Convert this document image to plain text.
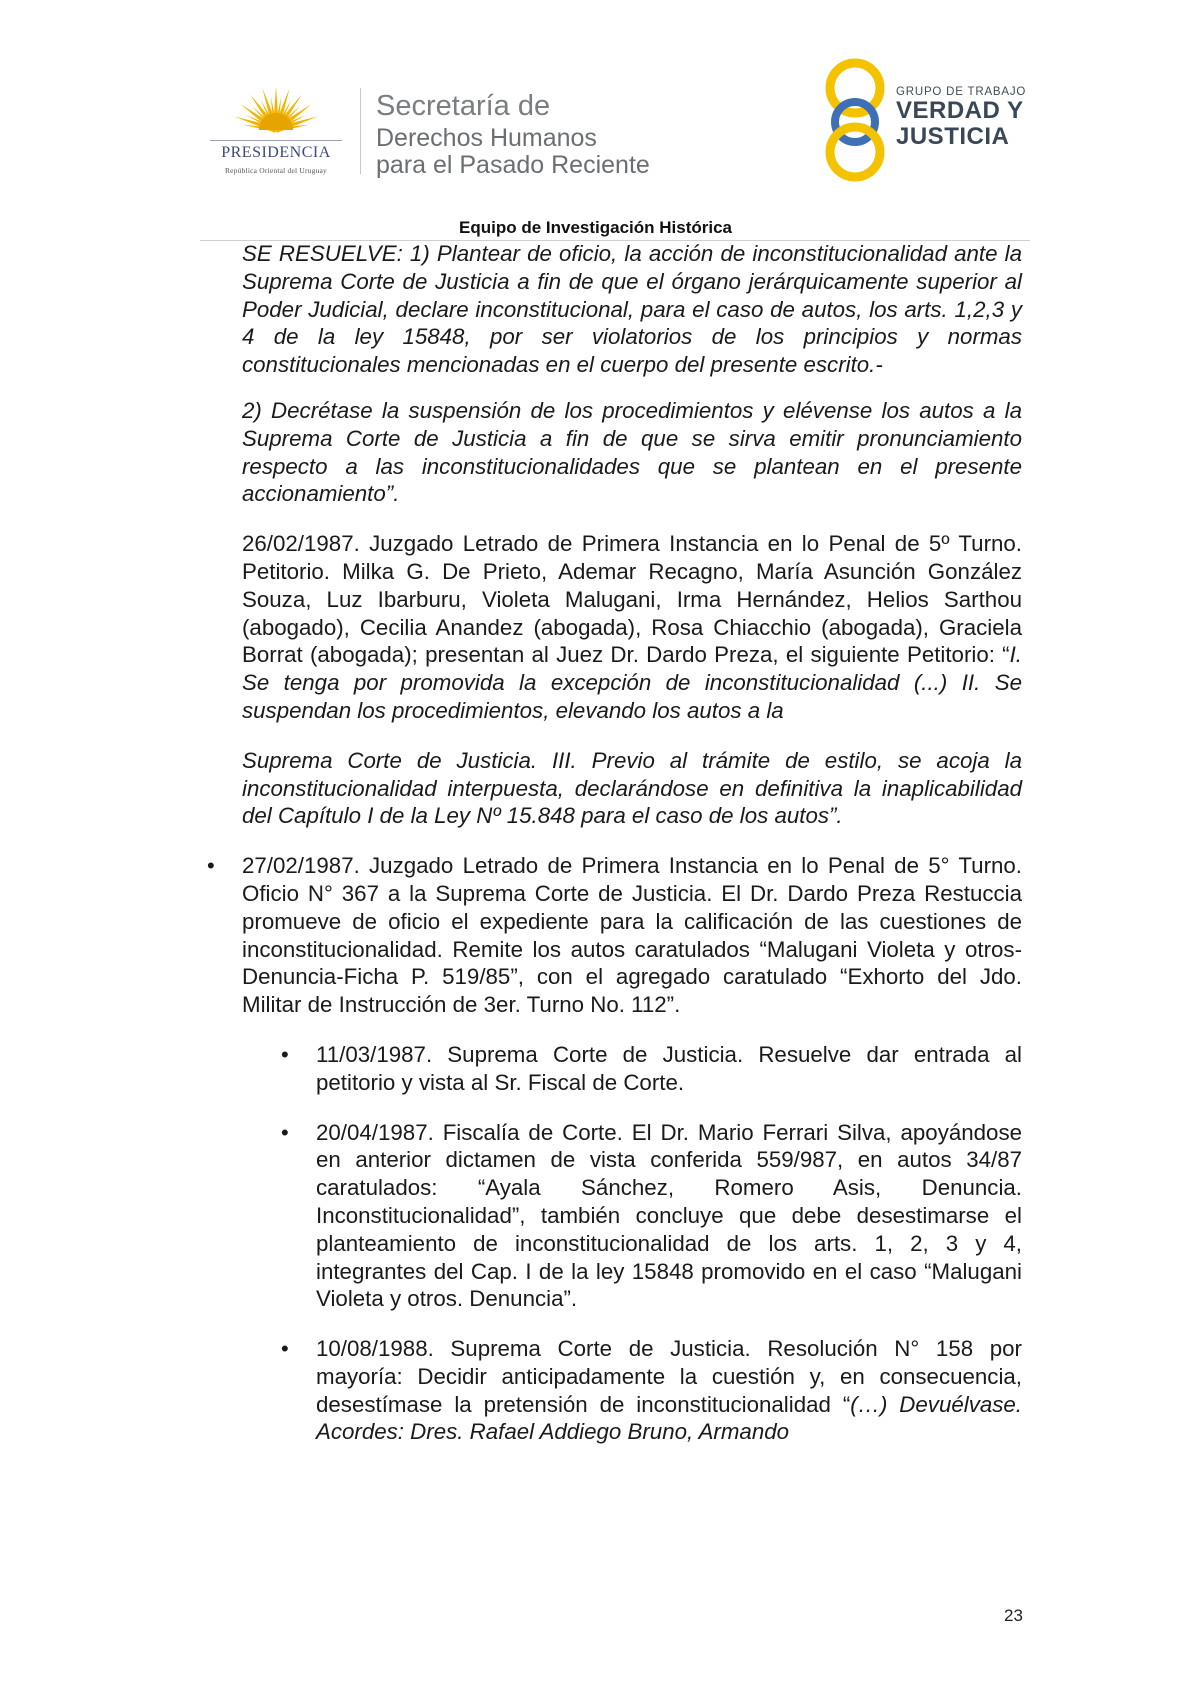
PRESIDENCIA
República Oriental del Uruguay
Secretaría de
Derechos Humanos
para el Pasado Reciente
GRUPO DE TRABAJO
VERDAD Y
JUSTICIA
Equipo de Investigación Histórica

SE RESUELVE: 1) Plantear de oficio, la acción de inconstitucionalidad ante la Suprema Corte de Justicia a fin de que el órgano jerárquicamente superior al Poder Judicial, declare inconstitucional, para el caso de autos, los arts. 1,2,3 y 4 de la ley 15848, por ser violatorios de los principios y normas constitucionales mencionadas en el cuerpo del presente escrito.-

2) Decrétase la suspensión de los procedimientos y elévense los autos a la Suprema Corte de Justicia a fin de que se sirva emitir pronunciamiento respecto a las inconstitucionalidades que se plantean en el presente accionamiento”.

26/02/1987. Juzgado Letrado de Primera Instancia en lo Penal de 5º Turno. Petitorio. Milka G. De Prieto, Ademar Recagno, María Asunción González Souza, Luz Ibarburu, Violeta Malugani, Irma Hernández, Helios Sarthou (abogado), Cecilia Anandez (abogada), Rosa Chiacchio (abogada), Graciela Borrat (abogada); presentan al Juez Dr. Dardo Preza, el siguiente Petitorio: “I. Se tenga por promovida la excepción de inconstitucionalidad (...) II. Se suspendan los procedimientos, elevando los autos a la

Suprema Corte de Justicia. III. Previo al trámite de estilo, se acoja la inconstitucionalidad interpuesta, declarándose en definitiva la inaplicabilidad del Capítulo I de la Ley Nº 15.848 para el caso de los autos”.

• 27/02/1987. Juzgado Letrado de Primera Instancia en lo Penal de 5° Turno. Oficio N° 367 a la Suprema Corte de Justicia. El Dr. Dardo Preza Restuccia promueve de oficio el expediente para la calificación de las cuestiones de inconstitucionalidad. Remite los autos caratulados “Malugani Violeta y otros-Denuncia-Ficha P. 519/85”, con el agregado caratulado “Exhorto del Jdo. Militar de Instrucción de 3er. Turno No. 112”.

• 11/03/1987. Suprema Corte de Justicia. Resuelve dar entrada al petitorio y vista al Sr. Fiscal de Corte.

• 20/04/1987. Fiscalía de Corte. El Dr. Mario Ferrari Silva, apoyándose en anterior dictamen de vista conferida 559/987, en autos 34/87 caratulados: “Ayala Sánchez, Romero Asis, Denuncia. Inconstitucionalidad”, también concluye que debe desestimarse el planteamiento de inconstitucionalidad de los arts. 1, 2, 3 y 4, integrantes del Cap. I de la ley 15848 promovido en el caso “Malugani Violeta y otros. Denuncia”.

• 10/08/1988. Suprema Corte de Justicia. Resolución N° 158 por mayoría: Decidir anticipadamente la cuestión y, en consecuencia, desestímase la pretensión de inconstitucionalidad “(…) Devuélvase. Acordes: Dres. Rafael Addiego Bruno, Armando

23
